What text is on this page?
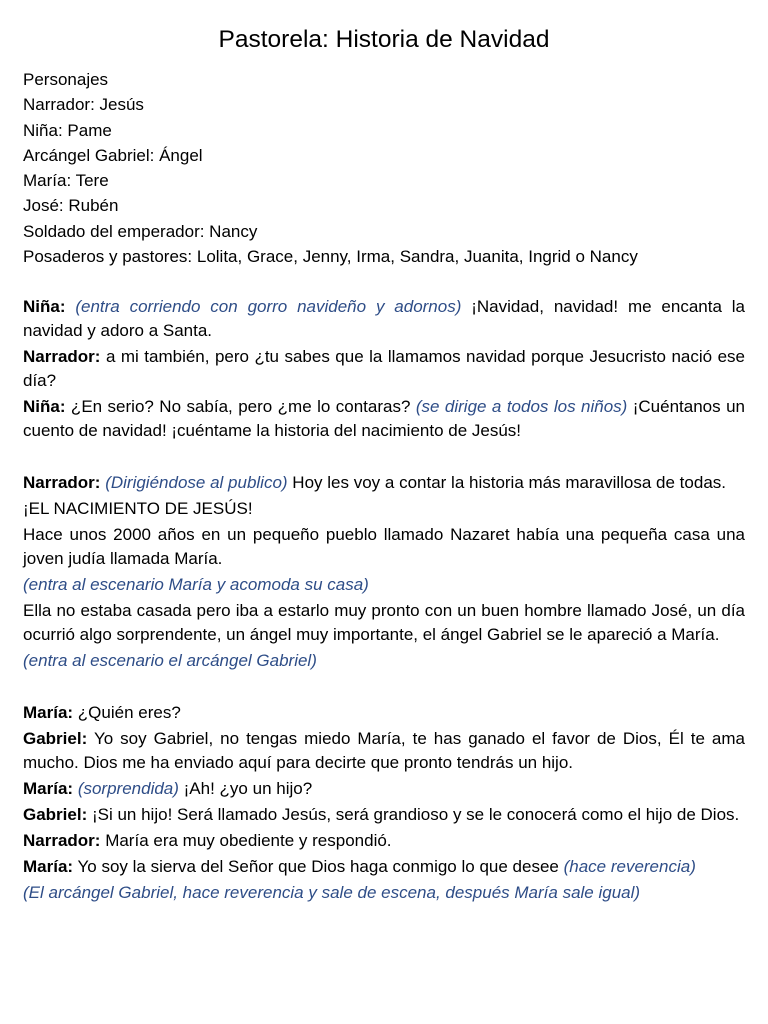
Pastorela: Historia de Navidad
Personajes
Narrador: Jesús
Niña: Pame
Arcángel Gabriel: Ángel
María: Tere
José: Rubén
Soldado del emperador: Nancy
Posaderos y pastores: Lolita, Grace, Jenny, Irma, Sandra, Juanita, Ingrid o Nancy

Niña: (entra corriendo con gorro navideño y adornos) ¡Navidad, navidad! me encanta la navidad y adoro a Santa.

Narrador: a mi también, pero ¿tu sabes que la llamamos navidad porque Jesucristo nació ese día?

Niña: ¿En serio? No sabía, pero ¿me lo contaras? (se dirige a todos los niños) ¡Cuéntanos un cuento de navidad! ¡cuéntame la historia del nacimiento de Jesús!

Narrador: (Dirigiéndose al publico) Hoy les voy a contar la historia más maravillosa de todas.

¡EL NACIMIENTO DE JESÚS!

Hace unos 2000 años en un pequeño pueblo llamado Nazaret había una pequeña casa una joven judía llamada María.

(entra al escenario María y acomoda su casa)

Ella no estaba casada pero iba a estarlo muy pronto con un buen hombre llamado José, un día ocurrió algo sorprendente, un ángel muy importante, el ángel Gabriel se le apareció a María.

(entra al escenario el arcángel Gabriel)

María: ¿Quién eres?

Gabriel: Yo soy Gabriel, no tengas miedo María, te has ganado el favor de Dios, Él te ama mucho. Dios me ha enviado aquí para decirte que pronto tendrás un hijo.

María: (sorprendida) ¡Ah! ¿yo un hijo?

Gabriel: ¡Si un hijo! Será llamado Jesús, será grandioso y se le conocerá como el hijo de Dios.

Narrador: María era muy obediente y respondió.

María: Yo soy la sierva del Señor que Dios haga conmigo lo que desee (hace reverencia)

(El arcángel Gabriel, hace reverencia y sale de escena, después María sale igual)
